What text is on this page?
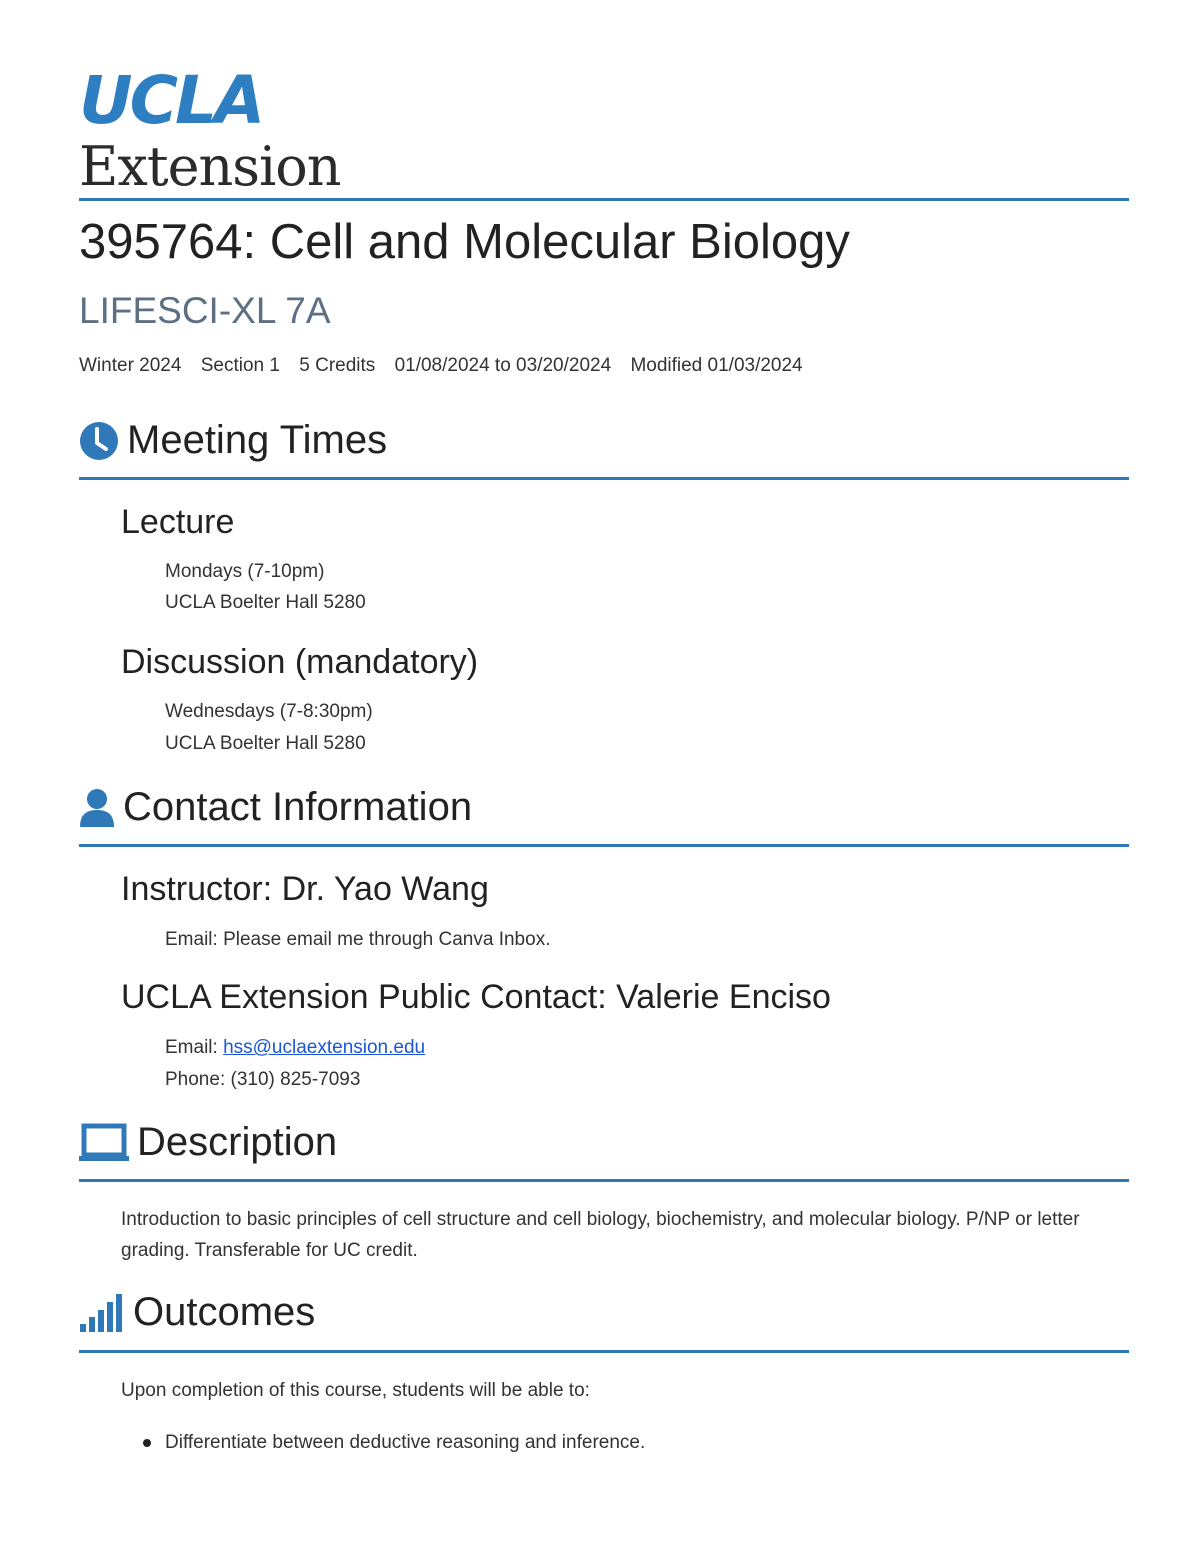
UCLA
Extension
395764: Cell and Molecular Biology
LIFESCI-XL 7A
Winter 2024 Section 1 5 Credits 01/08/2024 to 03/20/2024 Modified 01/03/2024
Meeting Times
Lecture
Mondays (7-10pm)
UCLA Boelter Hall 5280
Discussion (mandatory)
Wednesdays (7-8:30pm)
UCLA Boelter Hall 5280
Contact Information
Instructor: Dr. Yao Wang
Email: Please email me through Canva Inbox.
UCLA Extension Public Contact: Valerie Enciso
Email: hss@uclaextension.edu
Phone: (310) 825-7093
Description
Introduction to basic principles of cell structure and cell biology, biochemistry, and molecular biology. P/NP or letter grading. Transferable for UC credit.
Outcomes
Upon completion of this course, students will be able to:
Differentiate between deductive reasoning and inference.
